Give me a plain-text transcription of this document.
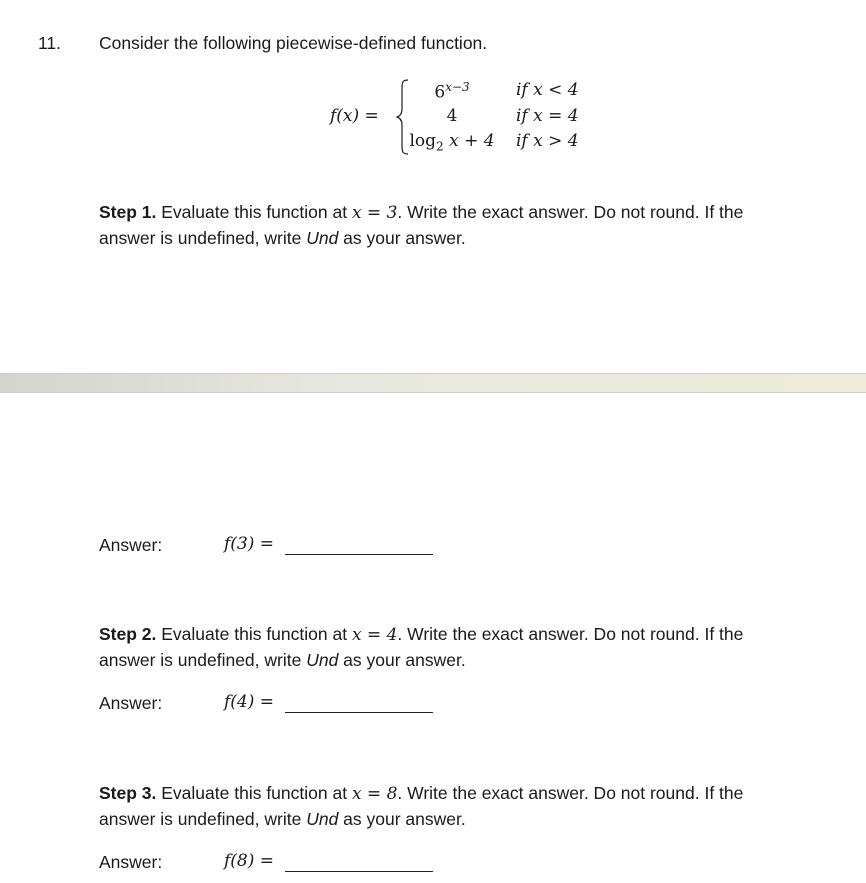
11. Consider the following piecewise-defined function.
f(x) =
$6^{x-3}$	if x < 4
4	if x = 4
$\log_2 x + 4$ if x > 4
Step 1. Evaluate this function at x = 3. Write the exact answer. Do not round. If the
answer is undefined, write Und as your answer.
Answer:	f(3) =
Step 2. Evaluate this function at x = 4. Write the exact answer. Do not round. If the
answer is undefined, write Und as your answer.
Answer:	f(4) =
Step 3. Evaluate this function at x = 8. Write the exact answer. Do not round. If the
answer is undefined, write Und as your answer.
Answer:	f(8) =
